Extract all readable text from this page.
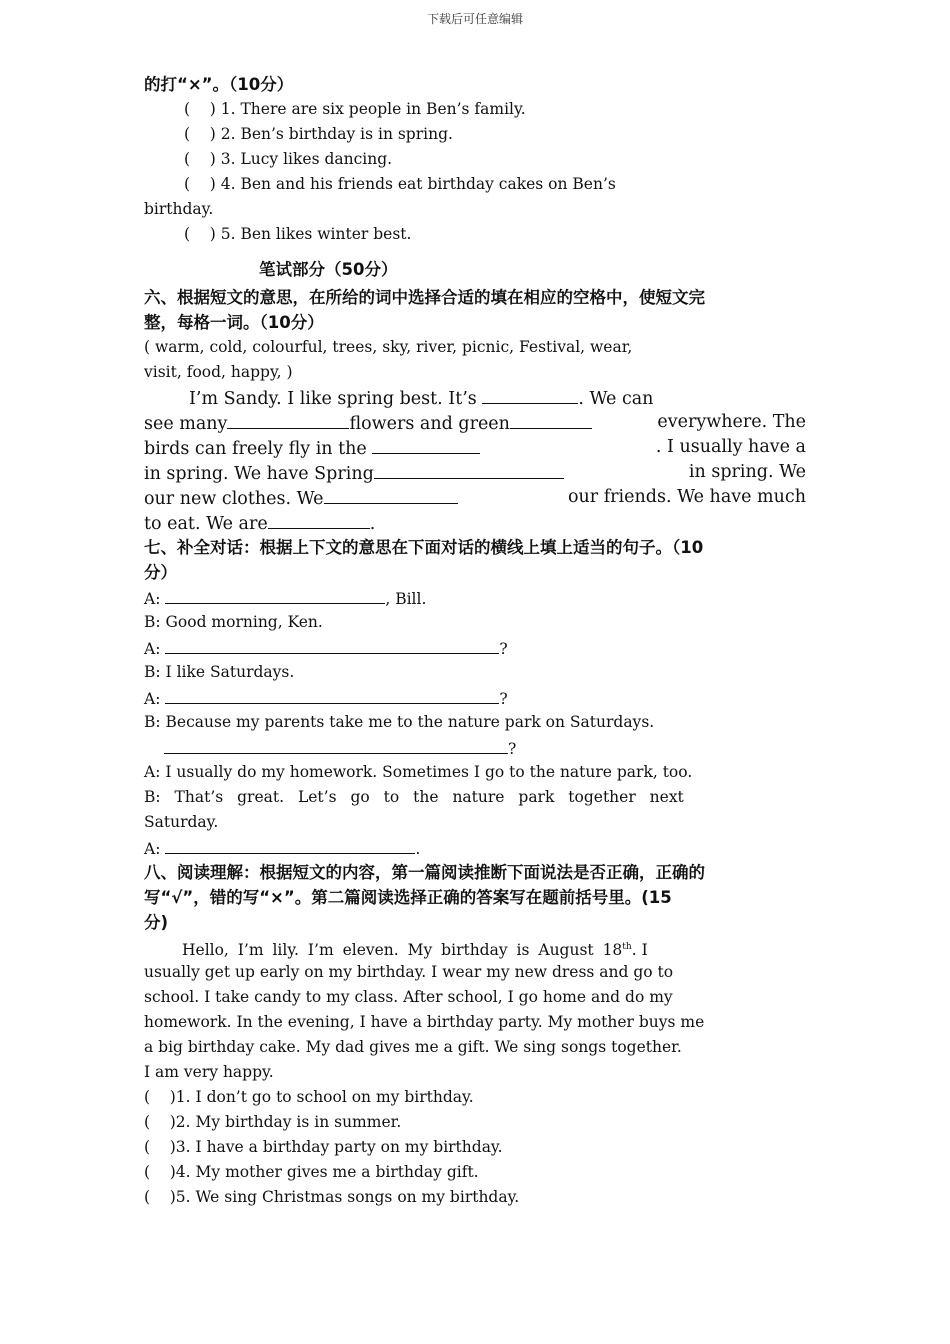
下载后可任意编辑
的打“×”。（10分）
(    ) 1. There are six people in Ben’s family.
(    ) 2. Ben’s birthday is in spring.
(    ) 3. Lucy likes dancing.
(    ) 4. Ben and his friends eat birthday cakes on Ben’s
birthday.
(    ) 5. Ben likes winter best.
笔试部分（50分）
六、根据短文的意思，在所给的词中选择合适的填在相应的空格中，使短文完
整，每格一词。（10分）
( warm, cold, colourful, trees, sky, river, picnic, Festival, wear,
visit, food, happy, )
I’m Sandy. I like spring best. It’s	. We can
see many	flowers and green	everywhere. The
birds can freely fly in the	. I usually have a
in spring. We have Spring	in spring. We
our new clothes. We	our friends. We have much
to eat. We are	.
七、补全对话：根据上下文的意思在下面对话的横线上填上适当的句子。（10
分）
A:	, Bill.
B: Good morning, Ken.
A:	?
B: I like Saturdays.
A:	?
B: Because my parents take me to the nature park on Saturdays.
?
A: I usually do my homework. Sometimes I go to the nature park, too.
B: That’s great. Let’s go to the nature park together next
Saturday.
A:	.
八、阅读理解：根据短文的内容，第一篇阅读推断下面说法是否正确，正确的
写“√”，错的写“×”。第二篇阅读选择正确的答案写在题前括号里。(15
分)
Hello, I’m lily. I’m eleven. My birthday is August 18th. I
usually get up early on my birthday. I wear my new dress and go to
school. I take candy to my class. After school, I go home and do my
homework. In the evening, I have a birthday party. My mother buys me
a big birthday cake. My dad gives me a gift. We sing songs together.
I am very happy.
(    )1. I don’t go to school on my birthday.
(    )2. My birthday is in summer.
(    )3. I have a birthday party on my birthday.
(    )4. My mother gives me a birthday gift.
(    )5. We sing Christmas songs on my birthday.
